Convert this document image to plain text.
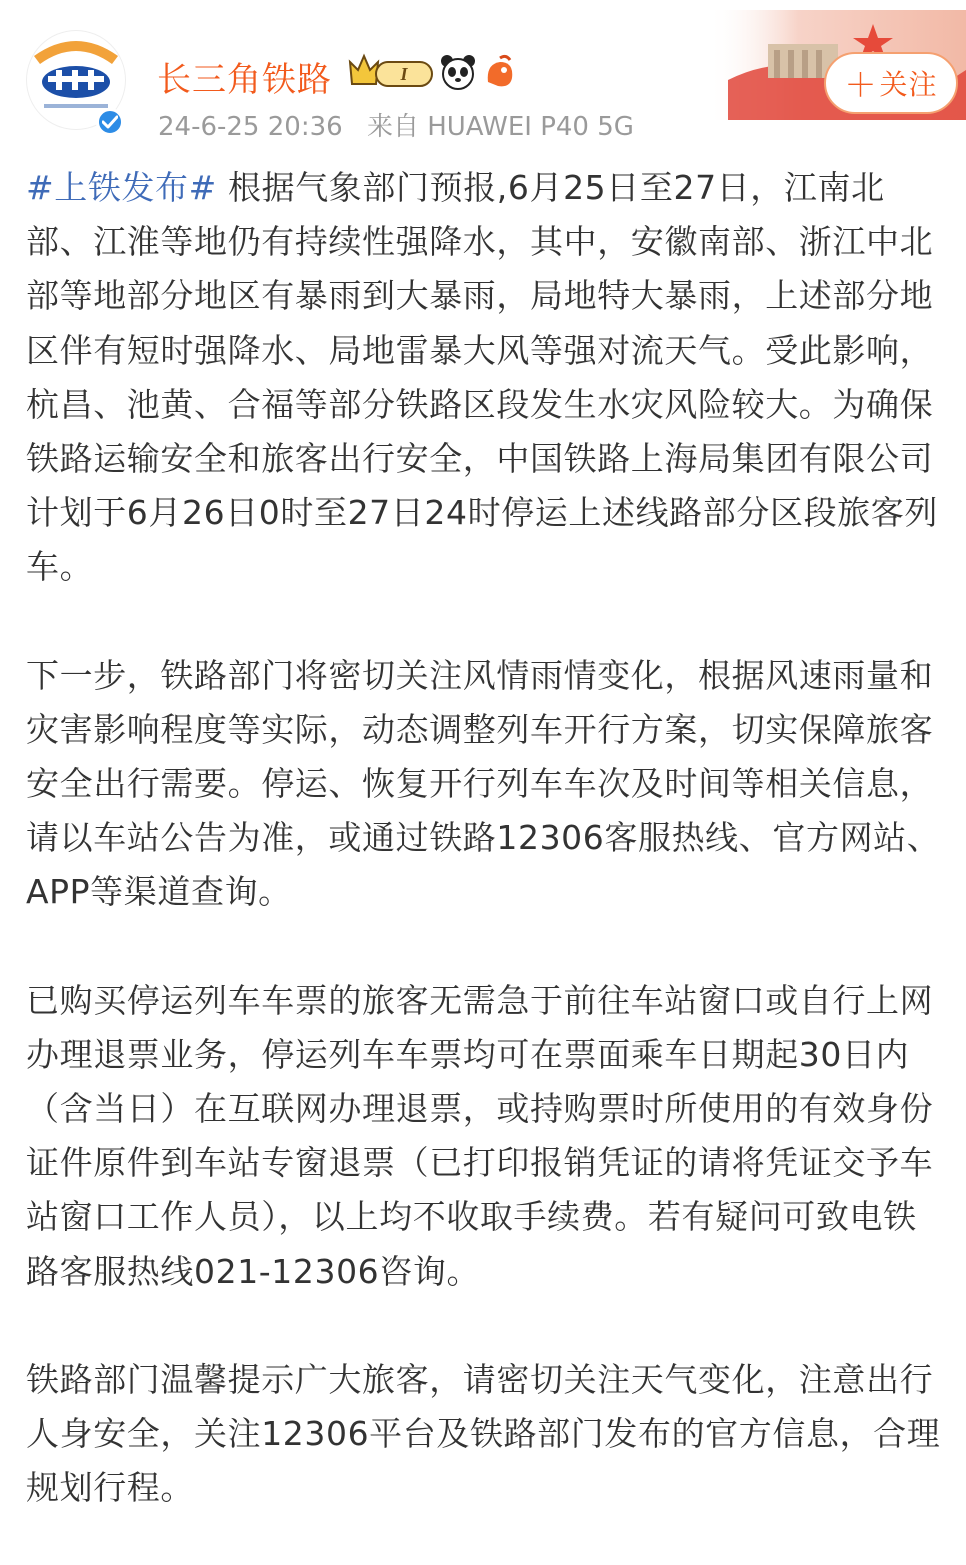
长三角铁路	I
24-6-25 20:36 来自 HUAWEI P40 5G
＋ 关注

#上铁发布# 根据气象部门预报,6月25日至27日，江南北部、江淮等地仍有持续性强降水，其中，安徽南部、浙江中北部等地部分地区有暴雨到大暴雨，局地特大暴雨，上述部分地区伴有短时强降水、局地雷暴大风等强对流天气。受此影响，杭昌、池黄、合福等部分铁路区段发生水灾风险较大。为确保铁路运输安全和旅客出行安全，中国铁路上海局集团有限公司计划于6月26日0时至27日24时停运上述线路部分区段旅客列车。

下一步，铁路部门将密切关注风情雨情变化，根据风速雨量和灾害影响程度等实际，动态调整列车开行方案，切实保障旅客安全出行需要。停运、恢复开行列车车次及时间等相关信息，请以车站公告为准，或通过铁路12306客服热线、官方网站、APP等渠道查询。

已购买停运列车车票的旅客无需急于前往车站窗口或自行上网办理退票业务，停运列车车票均可在票面乘车日期起30日内（含当日）在互联网办理退票，或持购票时所使用的有效身份证件原件到车站专窗退票（已打印报销凭证的请将凭证交予车站窗口工作人员），以上均不收取手续费。若有疑问可致电铁路客服热线021-12306咨询。

铁路部门温馨提示广大旅客，请密切关注天气变化，注意出行人身安全，关注12306平台及铁路部门发布的官方信息，合理规划行程。
